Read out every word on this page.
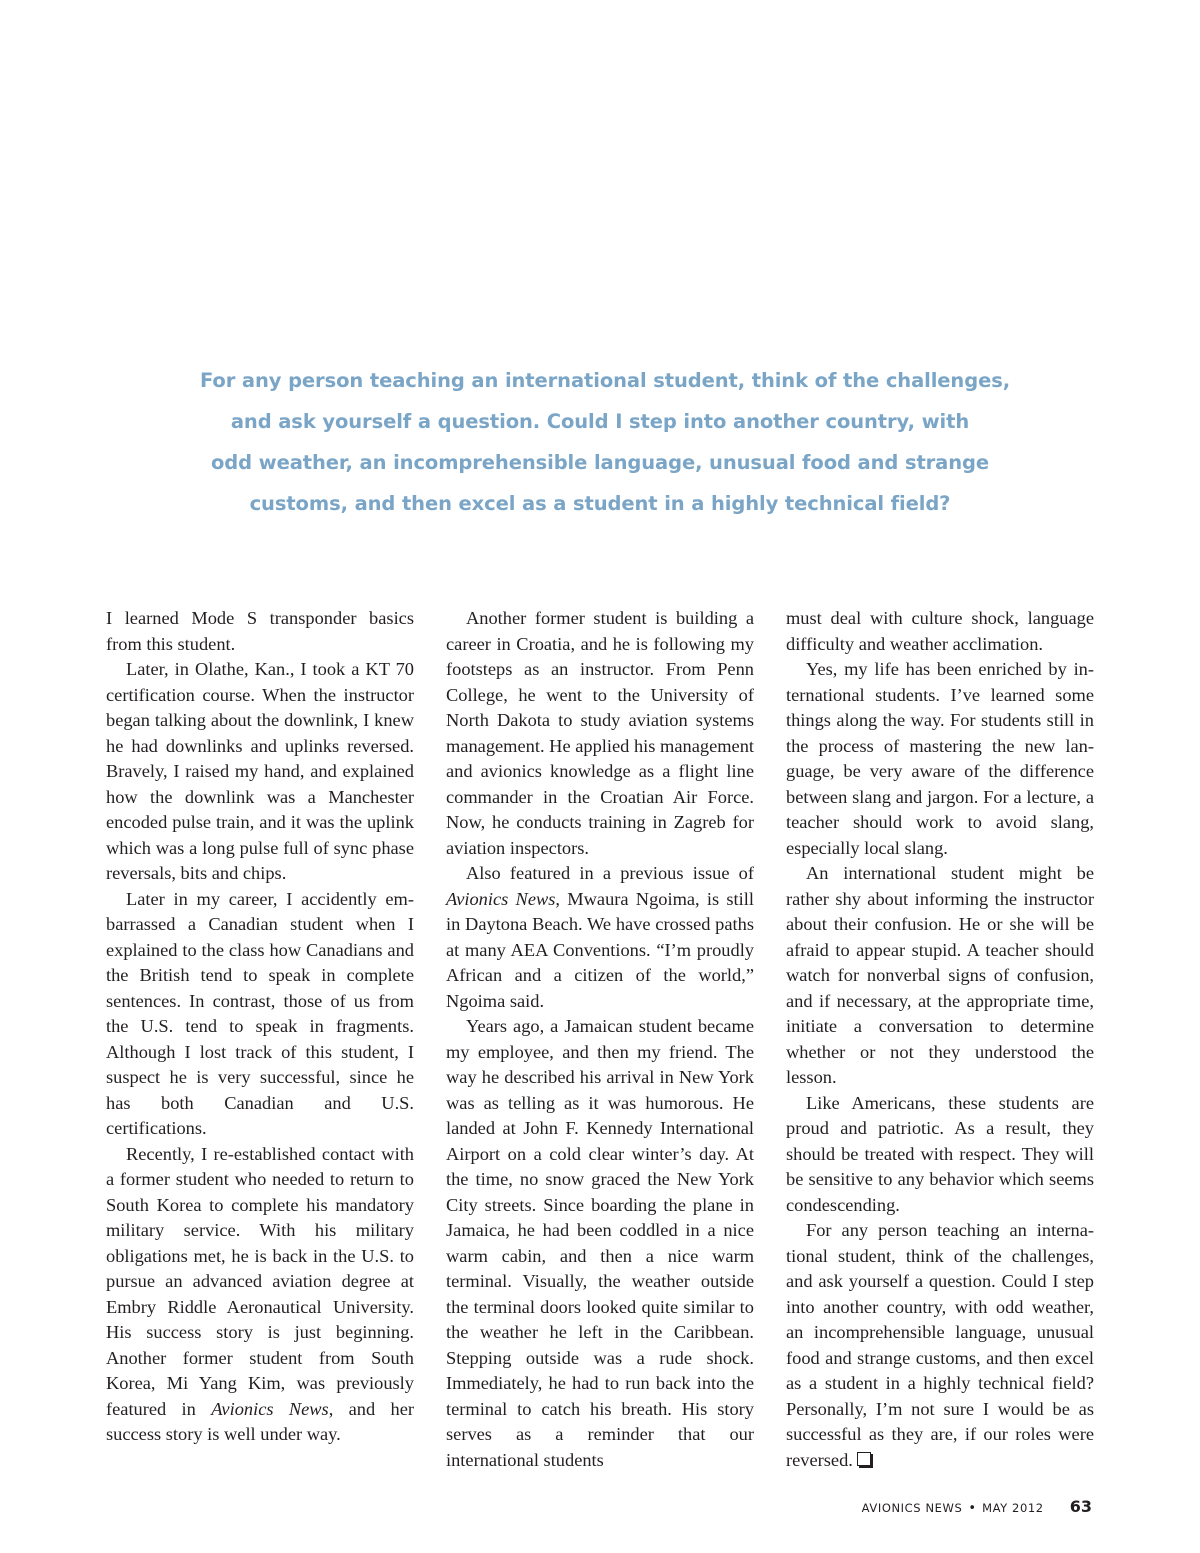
For any person teaching an international student, think of the challenges,
and ask yourself a question. Could I step into another country, with
odd weather, an incomprehensible language, unusual food and strange
customs, and then excel as a student in a highly technical field?

I learned Mode S transponder basics from this student.

Later, in Olathe, Kan., I took a KT 70 certification course. When the instructor began talking about the downlink, I knew he had downlinks and uplinks reversed. Bravely, I raised my hand, and explained how the downlink was a Manchester encoded pulse train, and it was the uplink which was a long pulse full of sync phase reversals, bits and chips.

Later in my career, I accidently embarrassed a Canadian student when I explained to the class how Canadians and the British tend to speak in complete sentences. In contrast, those of us from the U.S. tend to speak in fragments. Although I lost track of this student, I suspect he is very successful, since he has both Canadian and U.S. certifications.

Recently, I re-established contact with a former student who needed to return to South Korea to complete his mandatory military service. With his military obligations met, he is back in the U.S. to pursue an advanced aviation degree at Embry Riddle Aeronautical University. His success story is just beginning. Another former student from South Korea, Mi Yang Kim, was previously featured in Avionics News, and her success story is well under way.

Another former student is building a career in Croatia, and he is following my footsteps as an instructor. From Penn College, he went to the University of North Dakota to study aviation systems management. He applied his management and avionics knowledge as a flight line commander in the Croatian Air Force. Now, he conducts training in Zagreb for aviation inspectors.

Also featured in a previous issue of Avionics News, Mwaura Ngoima, is still in Daytona Beach. We have crossed paths at many AEA Conventions. “I’m proudly African and a citizen of the world,” Ngoima said.

Years ago, a Jamaican student became my employee, and then my friend. The way he described his arrival in New York was as telling as it was humorous. He landed at John F. Kennedy International Airport on a cold clear winter’s day. At the time, no snow graced the New York City streets. Since boarding the plane in Jamaica, he had been coddled in a nice warm cabin, and then a nice warm terminal. Visually, the weather outside the terminal doors looked quite similar to the weather he left in the Caribbean. Stepping outside was a rude shock. Immediately, he had to run back into the terminal to catch his breath. His story serves as a reminder that our international students

must deal with culture shock, language difficulty and weather acclimation.

Yes, my life has been enriched by international students. I’ve learned some things along the way. For students still in the process of mastering the new language, be very aware of the difference between slang and jargon. For a lecture, a teacher should work to avoid slang, especially local slang.

An international student might be rather shy about informing the instructor about their confusion. He or she will be afraid to appear stupid. A teacher should watch for nonverbal signs of confusion, and if necessary, at the appropriate time, initiate a conversation to determine whether or not they understood the lesson.

Like Americans, these students are proud and patriotic. As a result, they should be treated with respect. They will be sensitive to any behavior which seems condescending.

For any person teaching an international student, think of the challenges, and ask yourself a question. Could I step into another country, with odd weather, an incomprehensible language, unusual food and strange customs, and then excel as a student in a highly technical field? Personally, I’m not sure I would be as successful as they are, if our roles were reversed.

AVIONICS NEWS • MAY 2012 63
